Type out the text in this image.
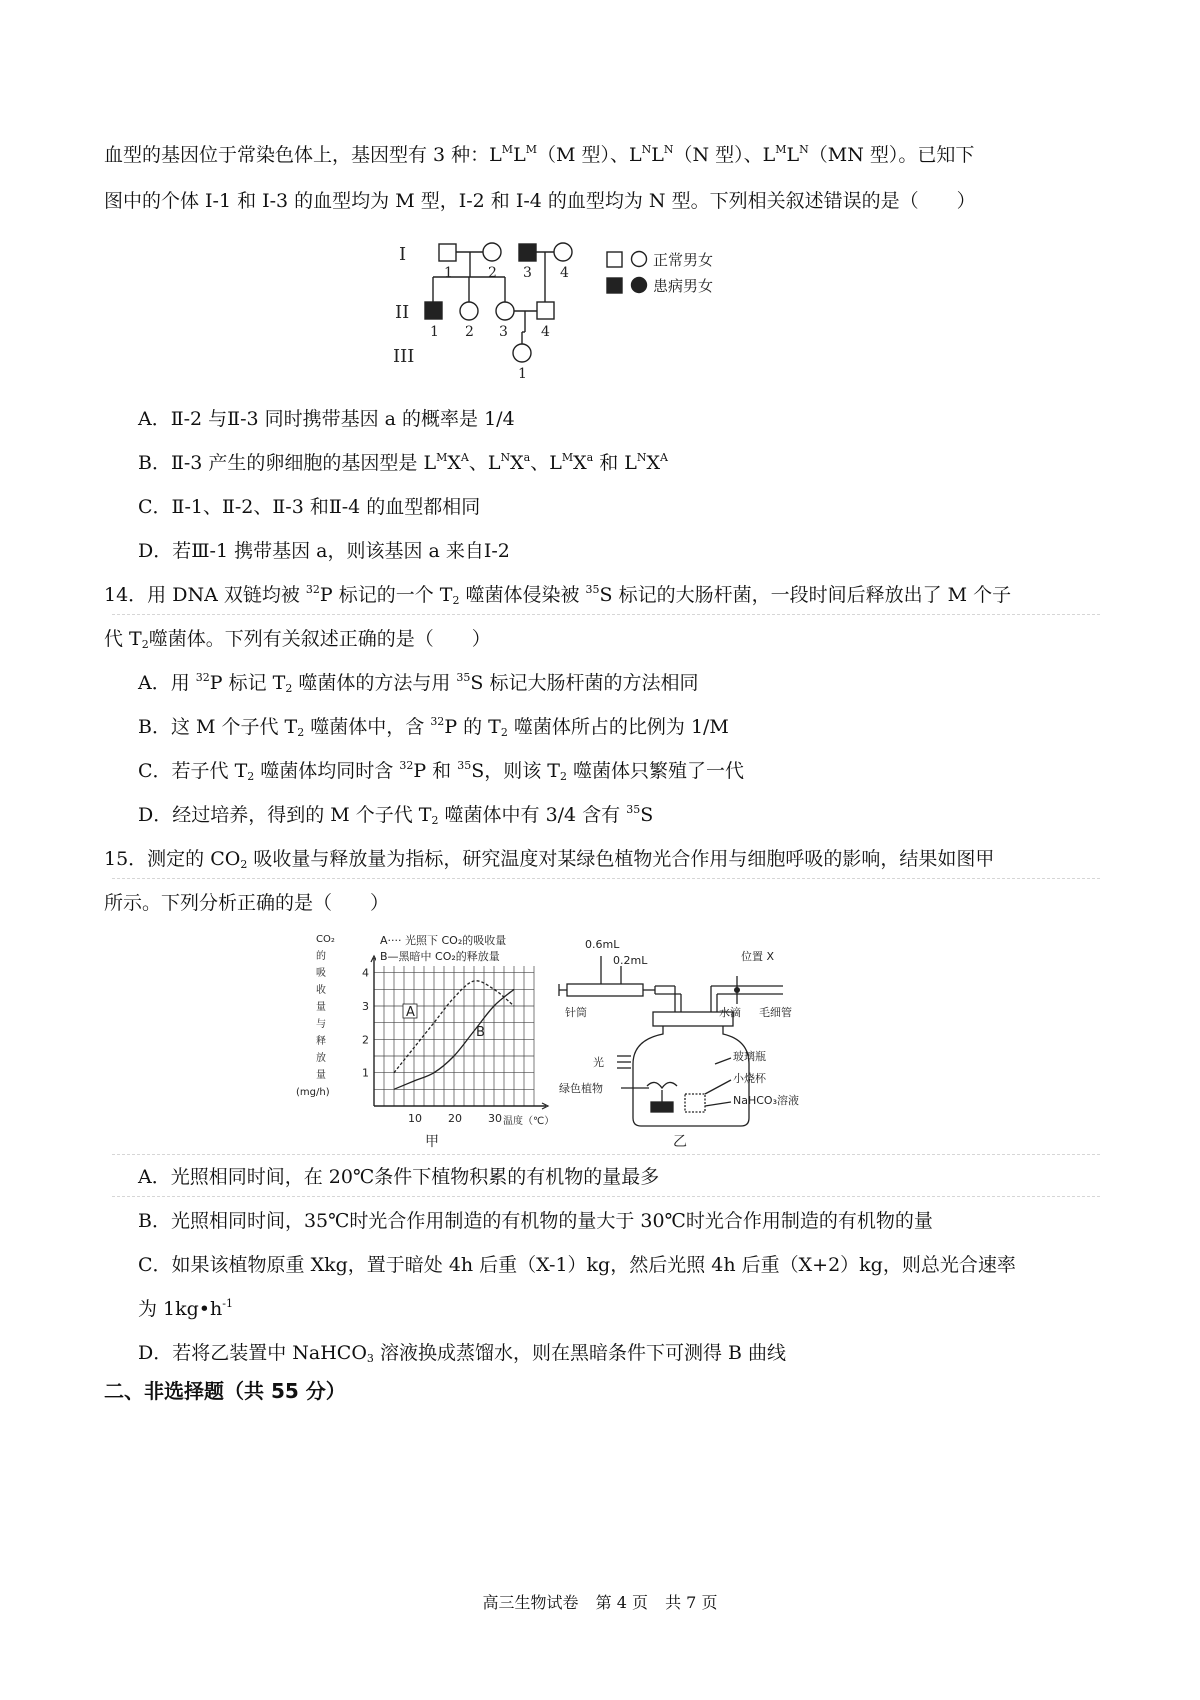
血型的基因位于常染色体上，基因型有 3 种：$L^ML^M(M$ 型）、$L^NL^N(N$ 型）、$L^ML^N(MN$ 型）。已知下
图中的个体 I-1 和 I-3 的血型均为 M 型，I-2 和 I-4 的血型均为 N 型。下列相关叙述错误的是（　　）
I
II
III
1	2 3 4
1 2 3 4
1
正常男女
患病男女
A．Ⅱ-2 与Ⅱ-3 同时携带基因 a 的概率是 1/4
B．Ⅱ-3 产生的卵细胞的基因型是 $L^MX^A$、$L^NX^a$、$L^MX^a$ 和 $L^NX^A$
C．Ⅱ-1、Ⅱ-2、Ⅱ-3 和Ⅱ-4 的血型都相同
D．若Ⅲ-1 携带基因 a，则该基因 a 来自Ⅰ-2
14．用 DNA 双链均被 $^{32}$P 标记的一个 $T_2$ 噬菌体侵染被 $^{35}$S 标记的大肠杆菌，一段时间后释放出了 M 个子
代 $T_2$噬菌体。下列有关叙述正确的是（　　）
A．用 $^{32}$P 标记 $T_2$ 噬菌体的方法与用 $^{35}$S 标记大肠杆菌的方法相同
B．这 M 个子代 $T_2$ 噬菌体中，含 $^{32}$P 的 $T_2$ 噬菌体所占的比例为 1/M
C．若子代 $T_2$ 噬菌体均同时含 $^{32}$P 和 $^{35}$S，则该 $T_2$ 噬菌体只繁殖了一代
D．经过培养，得到的 M 个子代 $T_2$ 噬菌体中有 3/4 含有 $^{35}$S
15．测定的 $CO_2$ 吸收量与释放量为指标，研究温度对某绿色植物光合作用与细胞呼吸的影响，结果如图甲
所示。下列分析正确的是（　　）
CO₂
的
吸
收
量
与
释
放
量
(mg/h)
1
2
3
4
10 20 30
A···· 光照下 CO₂的吸收量
B—黑暗中 CO₂的释放量
温度（℃）
A
B
甲
0.6mL
0.2mL	位置 X
针筒	水滴 毛细管
光	玻璃瓶
小烧杯
绿色植物
NaHCO₃溶液
乙
A．光照相同时间，在 20℃条件下植物积累的有机物的量最多
B．光照相同时间，35℃时光合作用制造的有机物的量大于 30℃时光合作用制造的有机物的量
C．如果该植物原重 Xkg，置于暗处 4h 后重（X-1）kg，然后光照 4h 后重（X+2）kg，则总光合速率
为 $1kg•h^{-1}$
D．若将乙装置中 NaHCO$_3$ 溶液换成蒸馏水，则在黑暗条件下可测得 B 曲线
二、非选择题（共 55 分）
高三生物试卷 第 4 页 共 7 页
